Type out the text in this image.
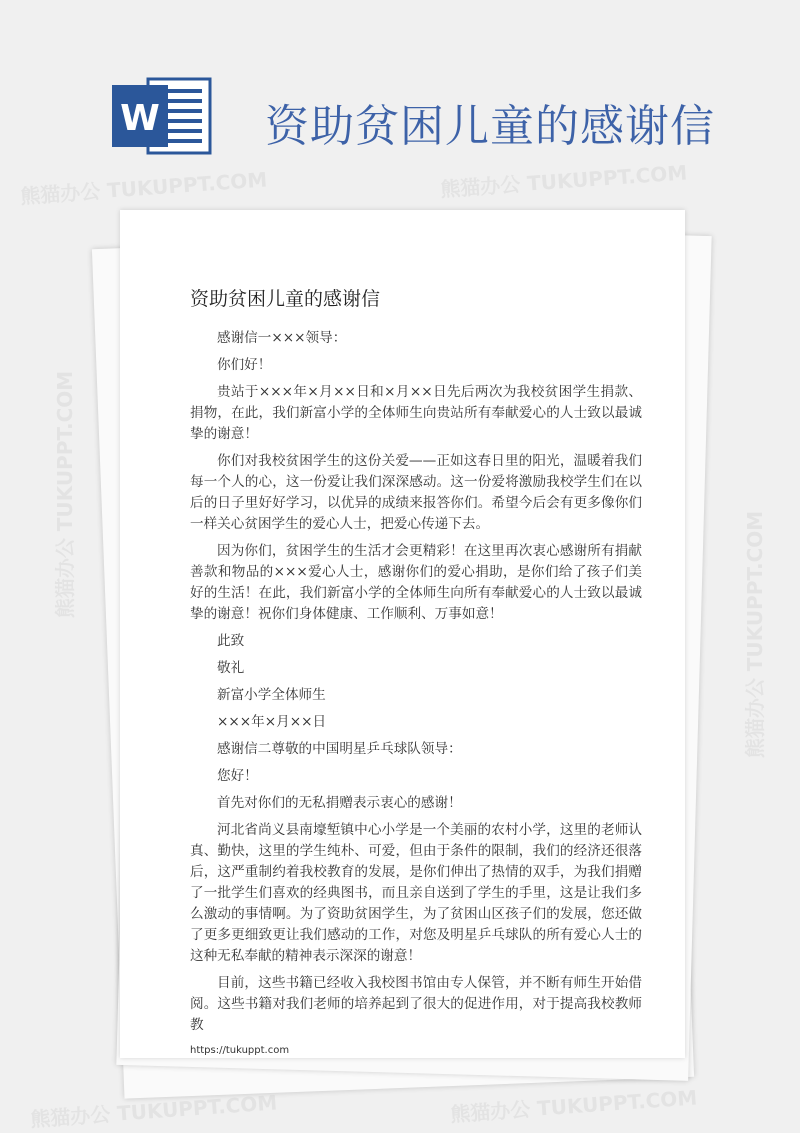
W 资助贫困儿童的感谢信
资助贫困儿童的感谢信

感谢信一×××领导：

你们好！

贵站于×××年×月××日和×月××日先后两次为我校贫困学生捐款、捐物，在此，我们新富小学的全体师生向贵站所有奉献爱心的人士致以最诚挚的谢意！

你们对我校贫困学生的这份关爱——正如这春日里的阳光，温暖着我们每一个人的心，这一份爱让我们深深感动。这一份爱将激励我校学生们在以后的日子里好好学习，以优异的成绩来报答你们。希望今后会有更多像你们一样关心贫困学生的爱心人士，把爱心传递下去。

因为你们，贫困学生的生活才会更精彩！在这里再次衷心感谢所有捐献善款和物品的×××爱心人士，感谢你们的爱心捐助，是你们给了孩子们美好的生活！在此，我们新富小学的全体师生向所有奉献爱心的人士致以最诚挚的谢意！祝你们身体健康、工作顺利、万事如意！

此致

敬礼

新富小学全体师生

×××年×月××日

感谢信二尊敬的中国明星乒乓球队领导：

您好！

首先对你们的无私捐赠表示衷心的感谢！

河北省尚义县南壕堑镇中心小学是一个美丽的农村小学，这里的老师认真、勤快，这里的学生纯朴、可爱，但由于条件的限制，我们的经济还很落后，这严重制约着我校教育的发展，是你们伸出了热情的双手，为我们捐赠了一批学生们喜欢的经典图书，而且亲自送到了学生的手里，这是让我们多么激动的事情啊。为了资助贫困学生，为了贫困山区孩子们的发展，您还做了更多更细致更让我们感动的工作，对您及明星乒乓球队的所有爱心人士的这种无私奉献的精神表示深深的谢意！

目前，这些书籍已经收入我校图书馆由专人保管，并不断有师生开始借阅。这些书籍对我们老师的培养起到了很大的促进作用，对于提高我校教师教

https://tukuppt.com
熊猫办公 TUKUPPT.COM	熊猫办公 TUKUPPT.COM
熊猫办公 TUKUPPT.COM
熊猫办公 TUKUPPT.COM
熊猫办公 TUKUPPT.COM	熊猫办公 TUKUPPT.COM
